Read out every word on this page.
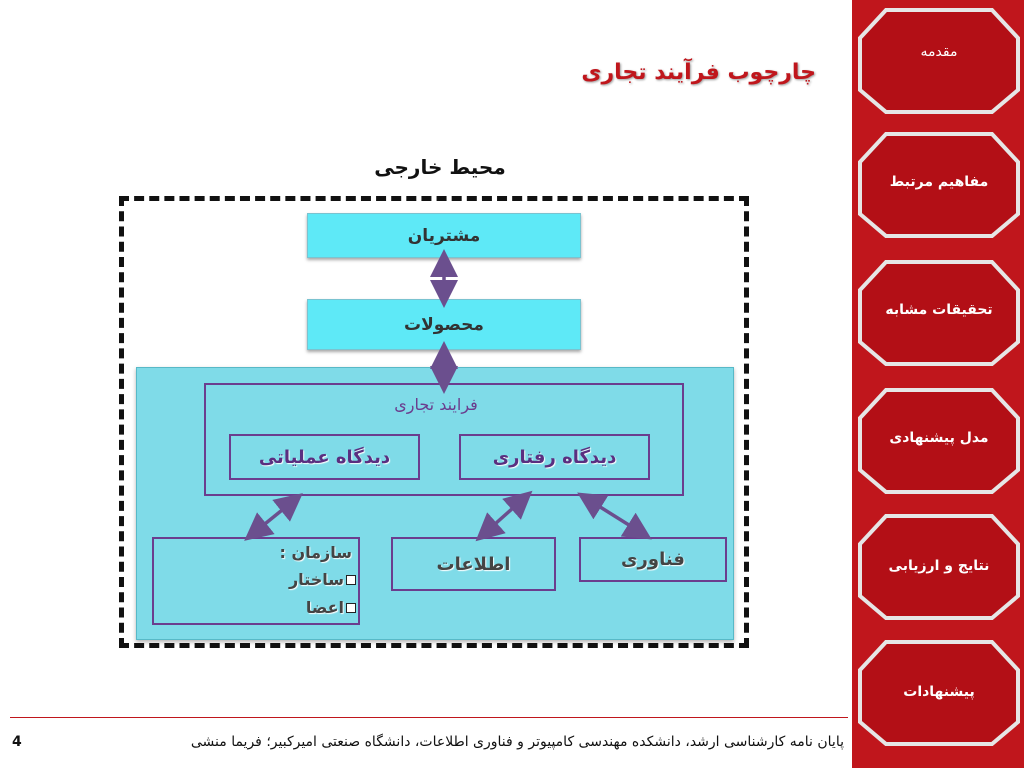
مقدمه
مفاهیم مرتبط
تحقیقات مشابه
مدل پیشنهادی
نتایج و ارزیابی
پیشنهادات
چارچوب فرآیند تجاری
محیط خارجی
مشتریان
محصولات
فرایند تجاری
دیدگاه عملیاتی	دیدگاه رفتاری
سازمان :
ساختار
اعضا
اطلاعات	فناوری
پایان نامه کارشناسی ارشد، دانشکده مهندسی کامپیوتر و فناوری اطلاعات، دانشگاه صنعتی امیرکبیر؛ فریما منشی
4
